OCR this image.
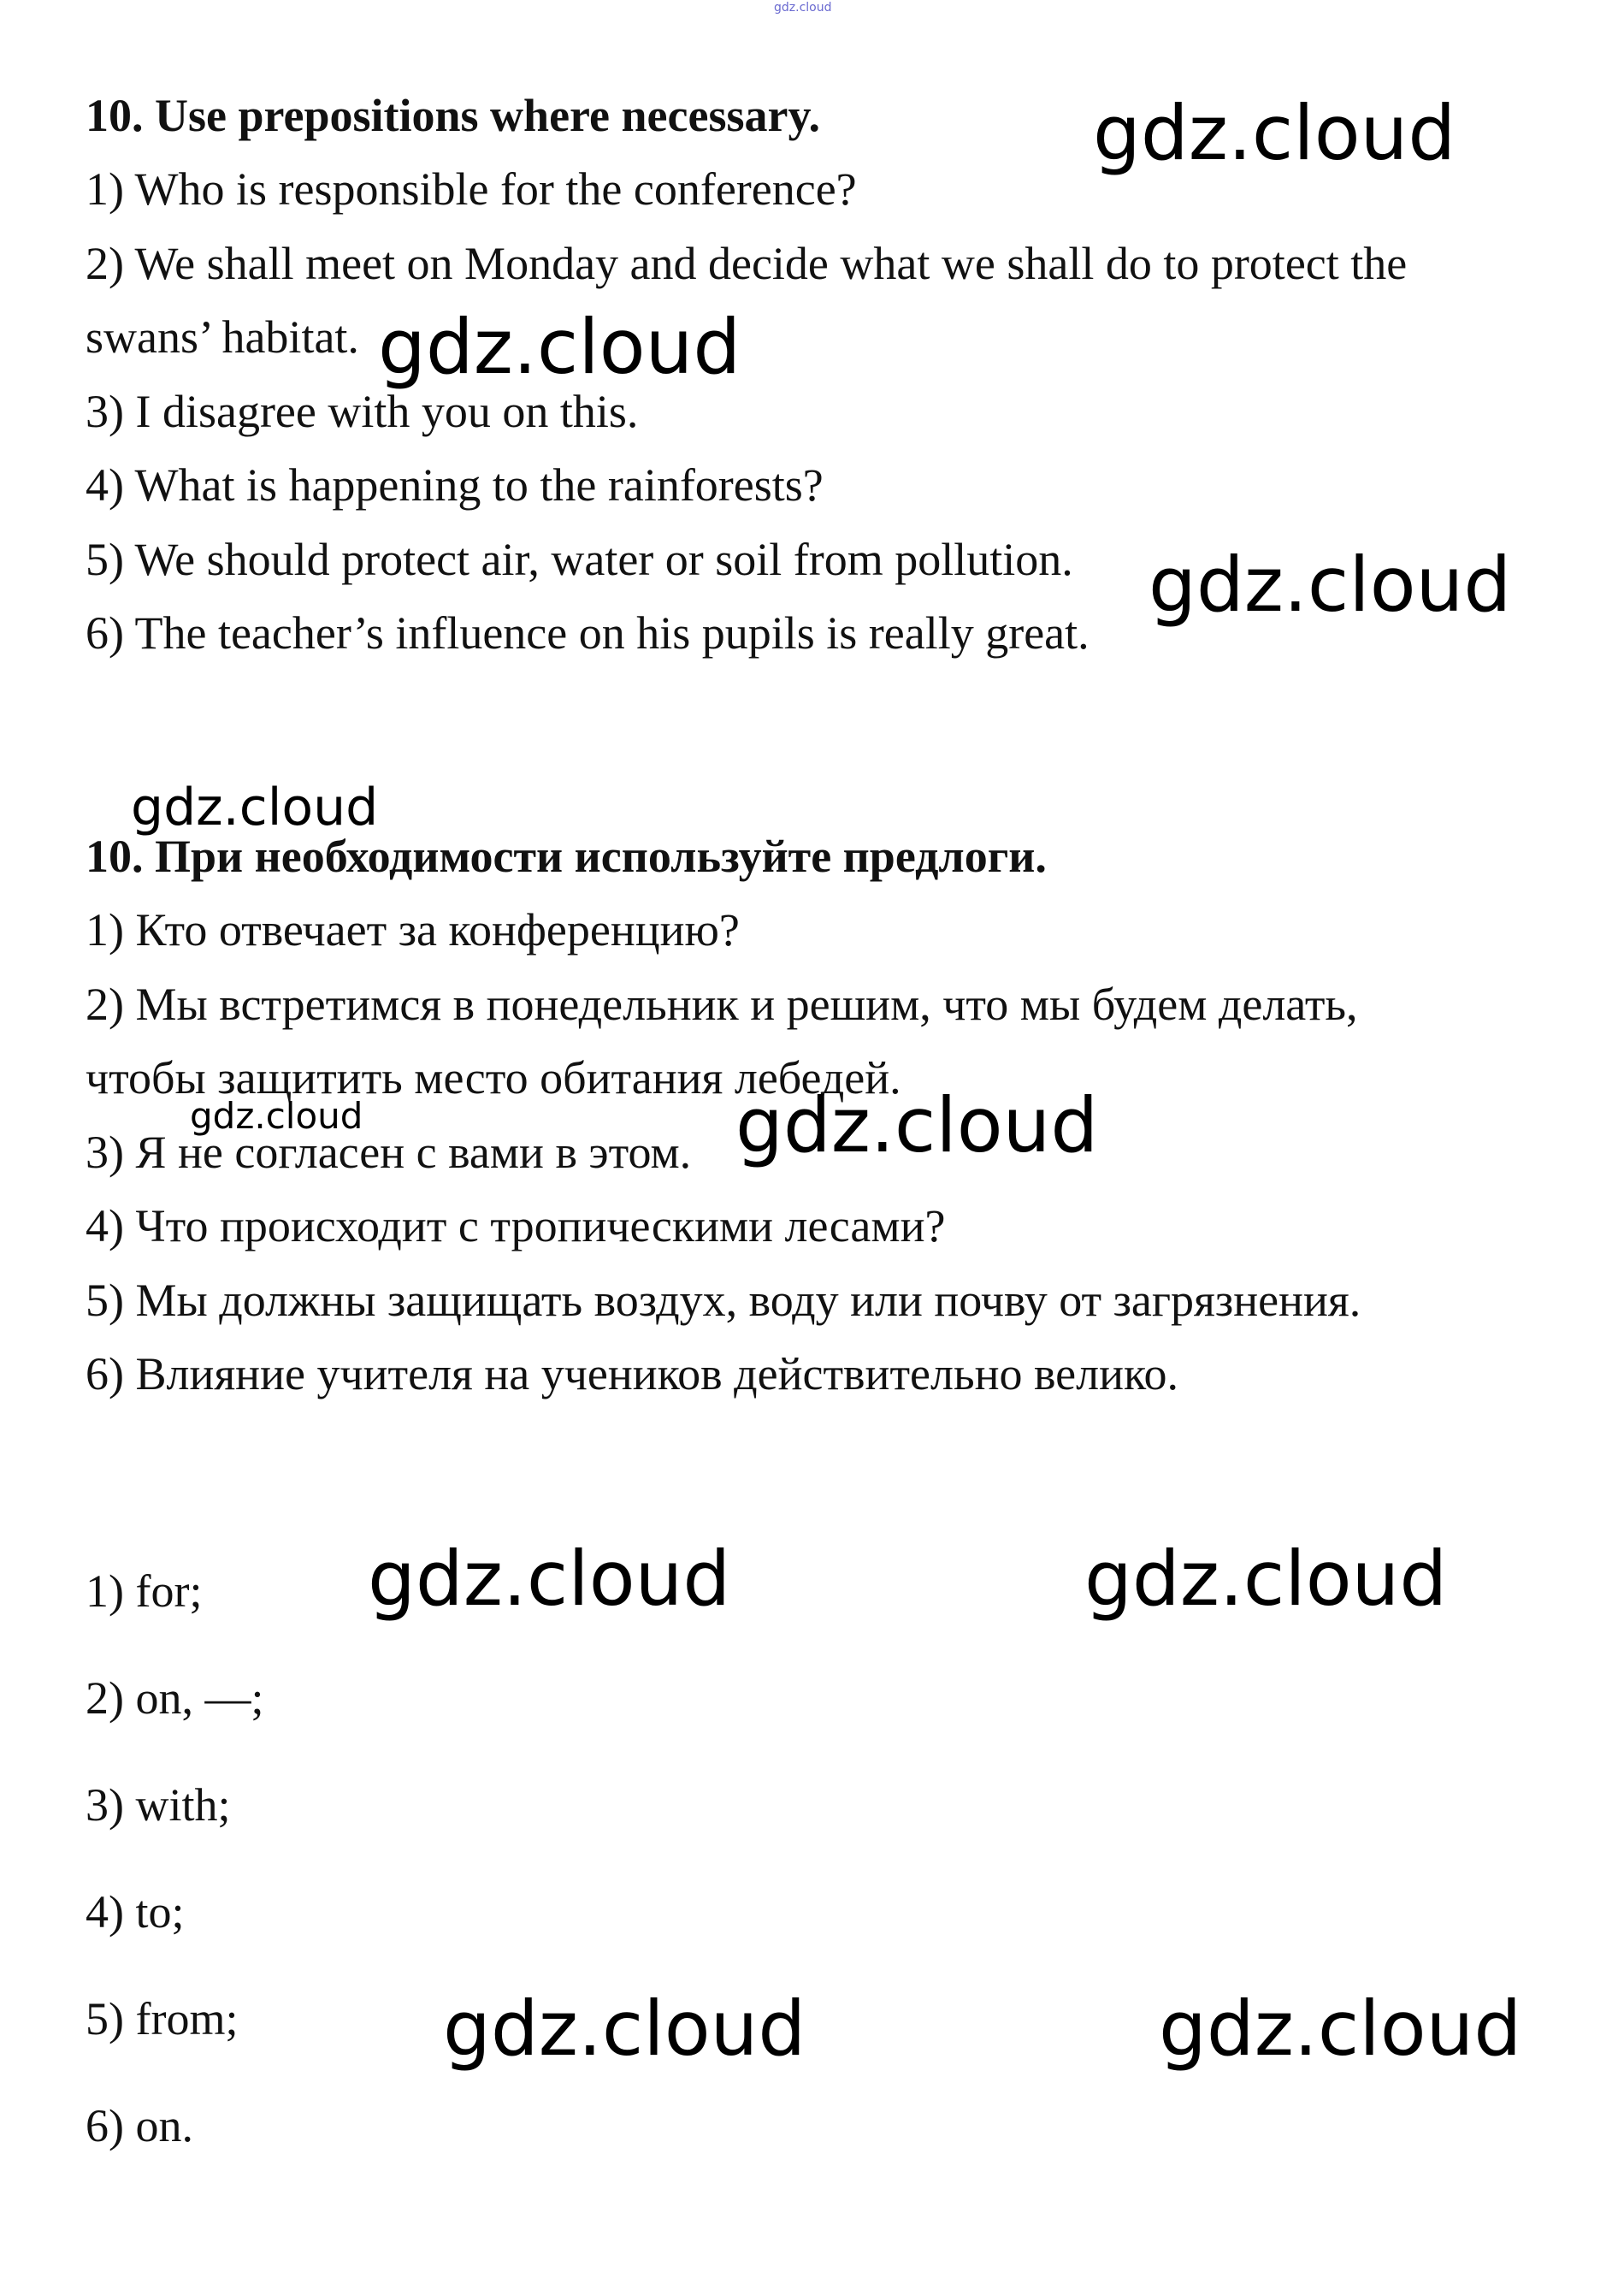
gdz.cloud
10. Use prepositions where necessary.
1) Who is responsible for the conference?
2) We shall meet on Monday and decide what we shall do to protect the
swans’ habitat.
3) I disagree with you on this.
4) What is happening to the rainforests?
5) We should protect air, water or soil from pollution.
6) The teacher’s influence on his pupils is really great.
10. При необходимости используйте предлоги.
1) Кто отвечает за конференцию?
2) Мы встретимся в понедельник и решим, что мы будем делать,
чтобы защитить место обитания лебедей.
3) Я не согласен с вами в этом.
4) Что происходит с тропическими лесами?
5) Мы должны защищать воздух, воду или почву от загрязнения.
6) Влияние учителя на учеников действительно велико.
1) for;
2) on, —;
3) with;
4) to;
5) from;
6) on.
gdz.cloud
gdz.cloud
gdz.cloud
gdz.cloud
gdz.cloud	gdz.cloud
gdz.cloud	gdz.cloud
gdz.cloud	gdz.cloud
